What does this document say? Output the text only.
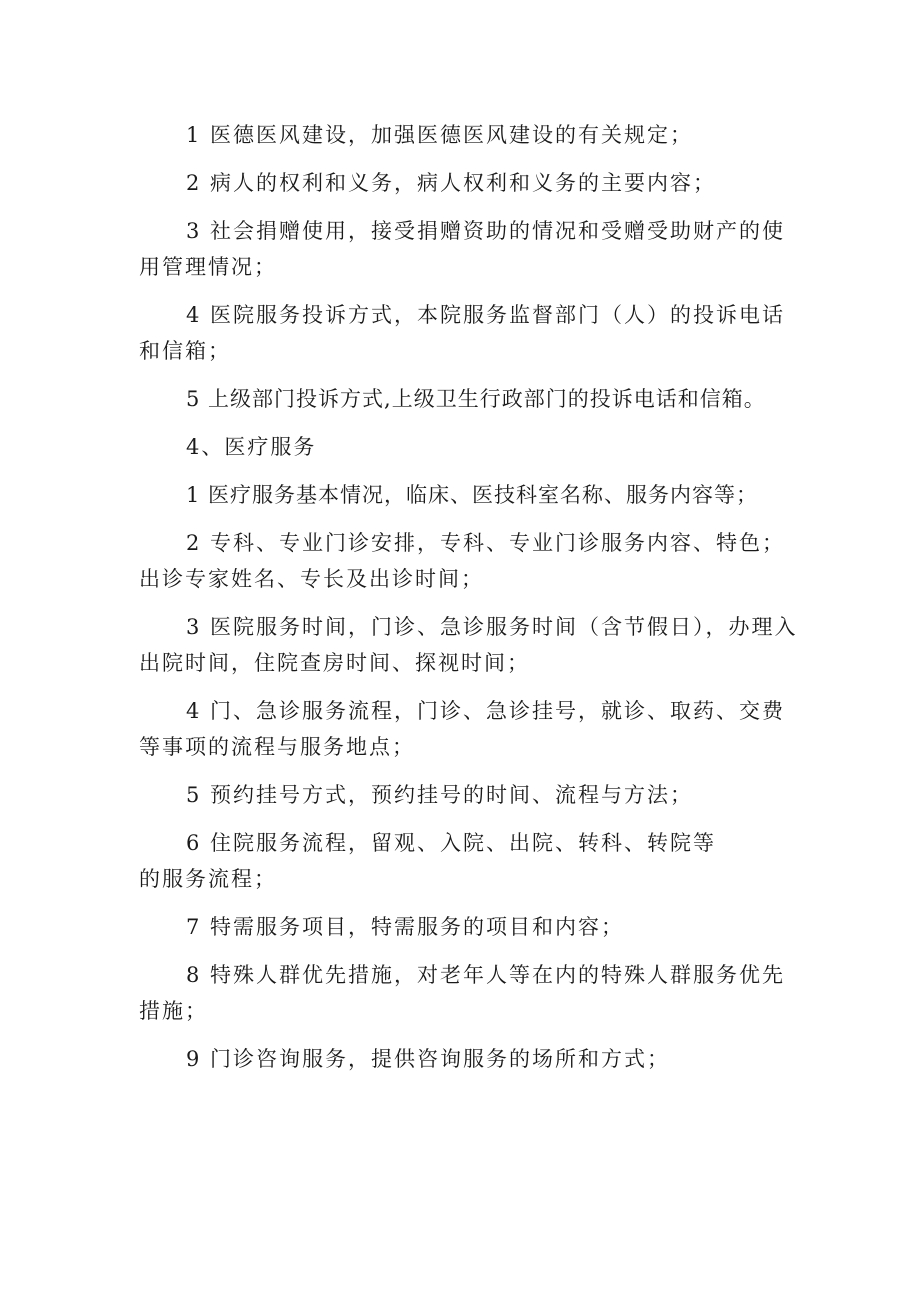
1 医德医风建设，加强医德医风建设的有关规定；

2 病人的权利和义务，病人权利和义务的主要内容；

3 社会捐赠使用，接受捐赠资助的情况和受赠受助财产的使用管理情况；

4 医院服务投诉方式，本院服务监督部门（人）的投诉电话和信箱；

5 上级部门投诉方式,上级卫生行政部门的投诉电话和信箱。

4、医疗服务

1 医疗服务基本情况，临床、医技科室名称、服务内容等；

2 专科、专业门诊安排，专科、专业门诊服务内容、特色；出诊专家姓名、专长及出诊时间；

3 医院服务时间，门诊、急诊服务时间（含节假日），办理入出院时间，住院查房时间、探视时间；

4 门、急诊服务流程，门诊、急诊挂号，就诊、取药、交费等事项的流程与服务地点；

5 预约挂号方式，预约挂号的时间、流程与方法；

6 住院服务流程，留观、入院、出院、转科、转院等的服务流程；

7 特需服务项目，特需服务的项目和内容；

8 特殊人群优先措施，对老年人等在内的特殊人群服务优先措施；

9 门诊咨询服务，提供咨询服务的场所和方式；
